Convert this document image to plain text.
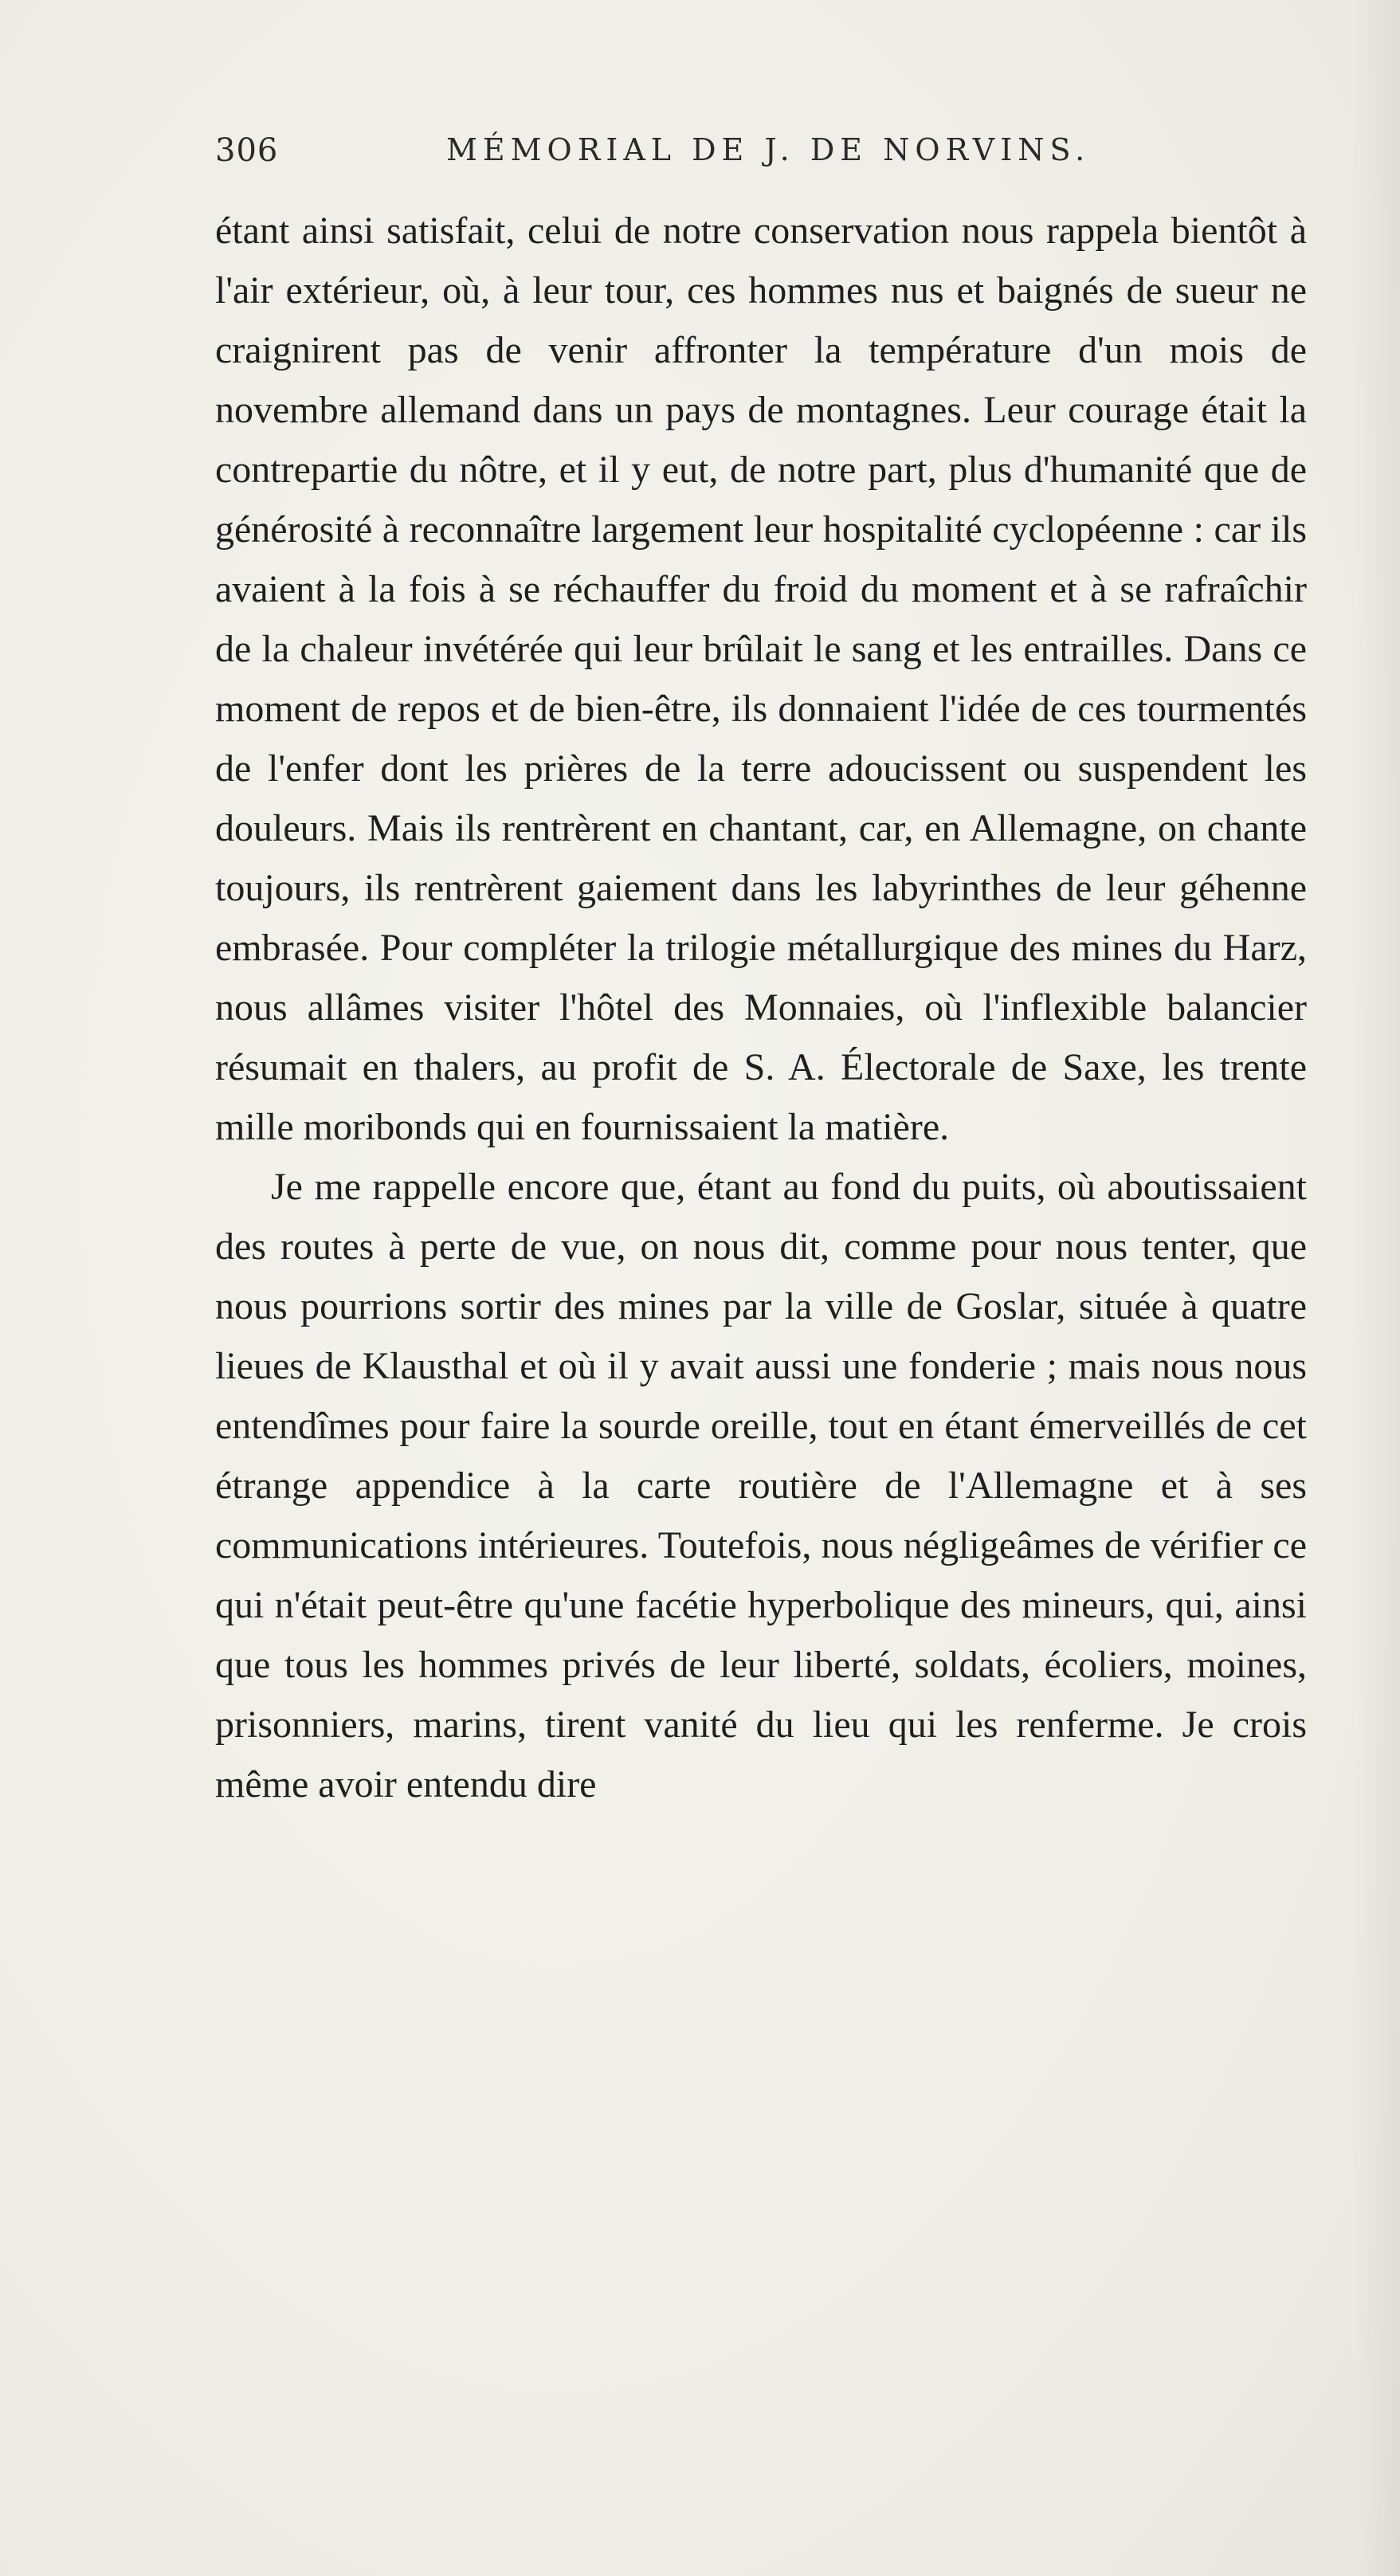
306	MÉMORIAL DE J. DE NORVINS.

étant ainsi satisfait, celui de notre conservation nous rappela bientôt à l'air extérieur, où, à leur tour, ces hommes nus et baignés de sueur ne craignirent pas de venir affronter la température d'un mois de novembre allemand dans un pays de montagnes. Leur courage était la contrepartie du nôtre, et il y eut, de notre part, plus d'humanité que de générosité à reconnaître largement leur hospitalité cyclopéenne : car ils avaient à la fois à se réchauffer du froid du moment et à se rafraîchir de la chaleur invétérée qui leur brûlait le sang et les entrailles. Dans ce moment de repos et de bien-être, ils donnaient l'idée de ces tourmentés de l'enfer dont les prières de la terre adoucissent ou suspendent les douleurs. Mais ils rentrèrent en chantant, car, en Allemagne, on chante toujours, ils rentrèrent gaiement dans les labyrinthes de leur géhenne embrasée. Pour compléter la trilogie métallurgique des mines du Harz, nous allâmes visiter l'hôtel des Monnaies, où l'inflexible balancier résumait en thalers, au profit de S. A. Électorale de Saxe, les trente mille moribonds qui en fournissaient la matière.

Je me rappelle encore que, étant au fond du puits, où aboutissaient des routes à perte de vue, on nous dit, comme pour nous tenter, que nous pourrions sortir des mines par la ville de Goslar, située à quatre lieues de Klausthal et où il y avait aussi une fonderie ; mais nous nous entendîmes pour faire la sourde oreille, tout en étant émerveillés de cet étrange appendice à la carte routière de l'Allemagne et à ses communications intérieures. Toutefois, nous négligeâmes de vérifier ce qui n'était peut-être qu'une facétie hyperbolique des mineurs, qui, ainsi que tous les hommes privés de leur liberté, soldats, écoliers, moines, prisonniers, marins, tirent vanité du lieu qui les renferme. Je crois même avoir entendu dire
